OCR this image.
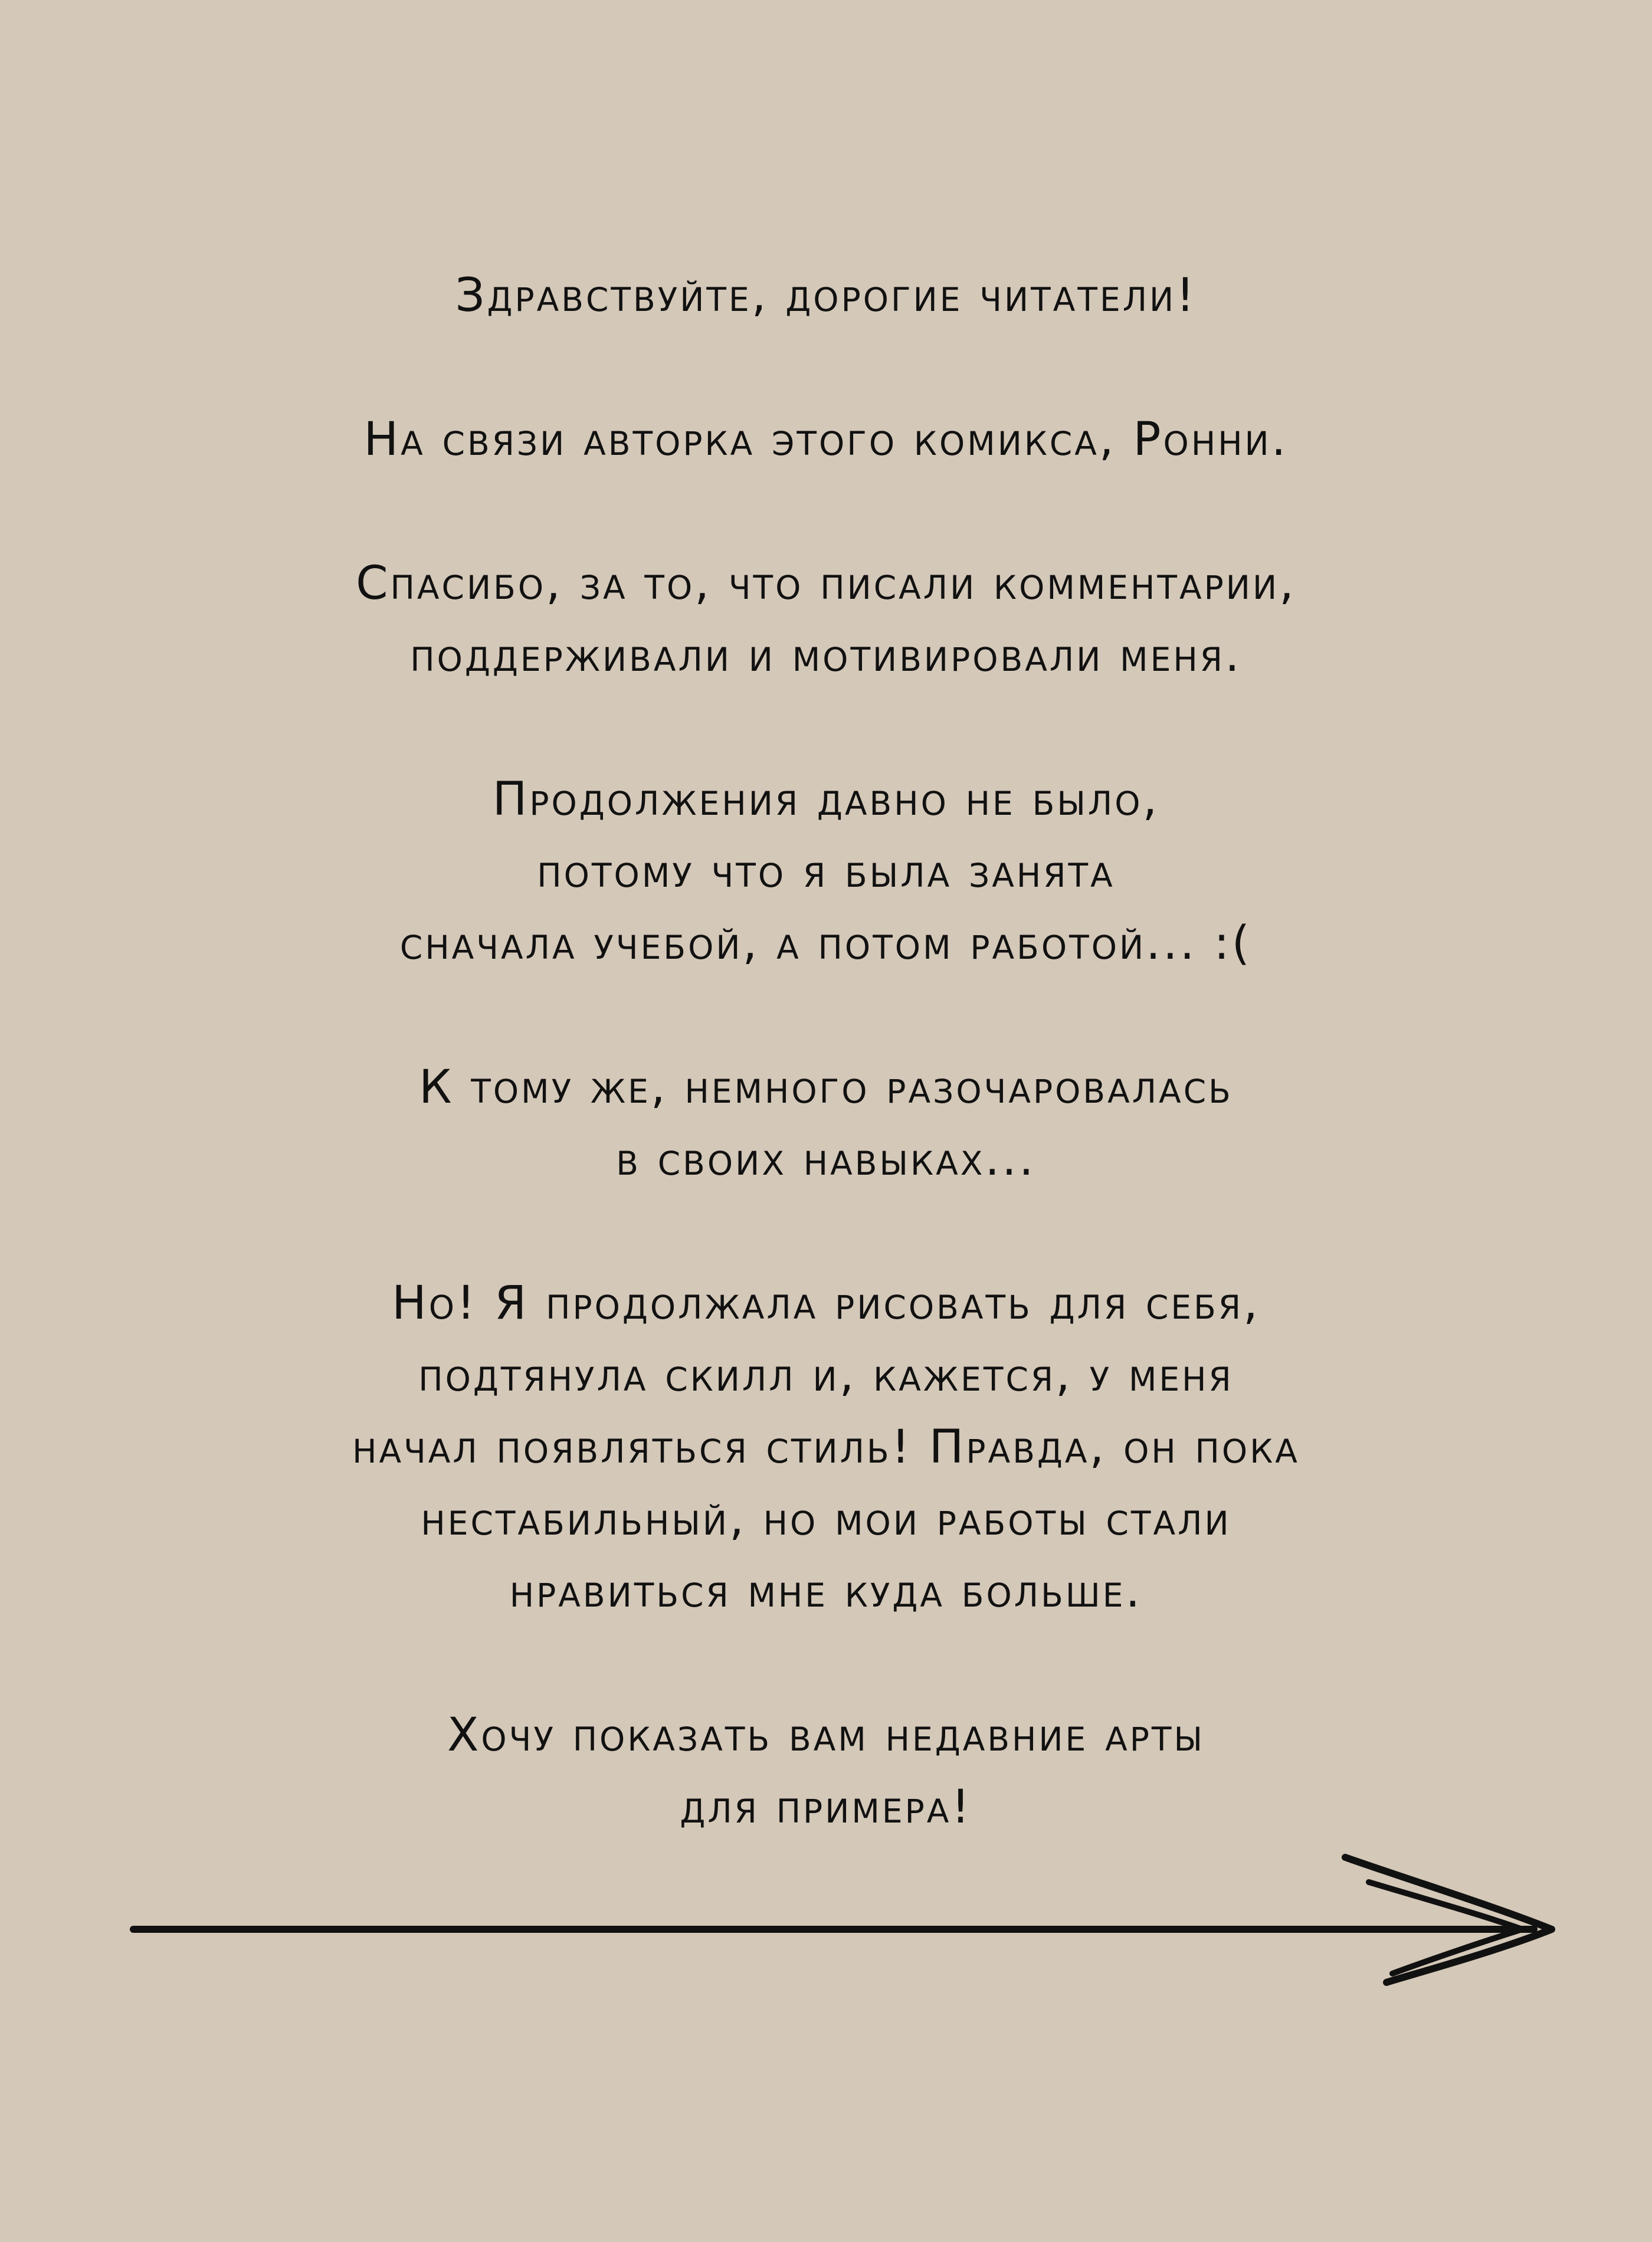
Здравствуйте, дорогие читатели!

На связи авторка этого комикса, Ронни.

Спасибо, за то, что писали комментарии,
поддерживали и мотивировали меня.

Продолжения давно не было,
потому что я была занята
сначала учебой, а потом работой... :(

К тому же, немного разочаровалась
в своих навыках...

Но! Я продолжала рисовать для себя,
подтянула скилл и, кажется, у меня
начал появляться стиль! Правда, он пока
нестабильный, но мои работы стали
нравиться мне куда больше.

Хочу показать вам недавние арты
для примера!
